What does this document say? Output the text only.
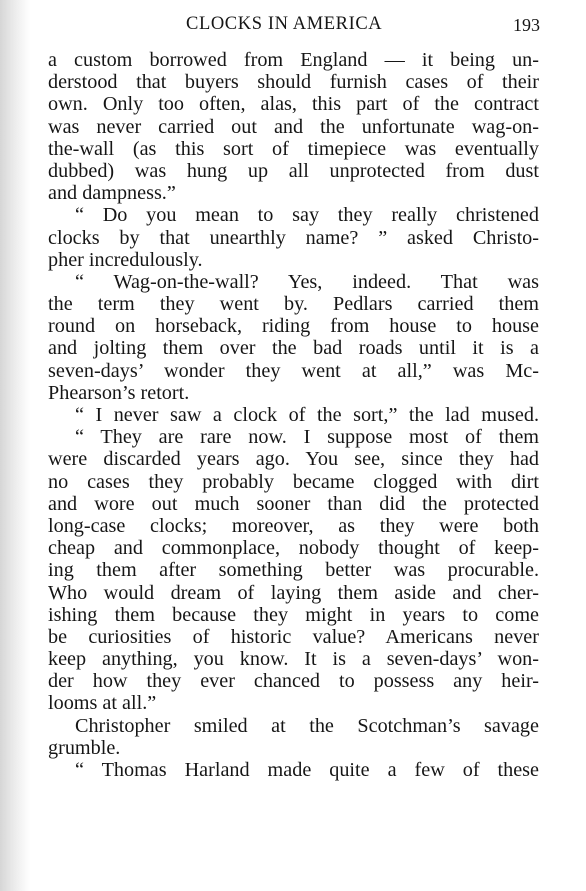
CLOCKS IN AMERICA	193
a custom borrowed from England — it being un-
derstood that buyers should furnish cases of their
own. Only too often, alas, this part of the contract
was never carried out and the unfortunate wag-on-
the-wall (as this sort of timepiece was eventually
dubbed) was hung up all unprotected from dust
and dampness.”
“ Do you mean to say they really christened
clocks by that unearthly name? ” asked Christo-
pher incredulously.
“ Wag-on-the-wall? Yes, indeed. That was
the term they went by. Pedlars carried them
round on horseback, riding from house to house
and jolting them over the bad roads until it is a
seven-days’ wonder they went at all,” was Mc-
Phearson’s retort.
“ I never saw a clock of the sort,” the lad mused.
“ They are rare now. I suppose most of them
were discarded years ago. You see, since they had
no cases they probably became clogged with dirt
and wore out much sooner than did the protected
long-case clocks; moreover, as they were both
cheap and commonplace, nobody thought of keep-
ing them after something better was procurable.
Who would dream of laying them aside and cher-
ishing them because they might in years to come
be curiosities of historic value? Americans never
keep anything, you know. It is a seven-days’ won-
der how they ever chanced to possess any heir-
looms at all.”
Christopher smiled at the Scotchman’s savage
grumble.
“ Thomas Harland made quite a few of these
